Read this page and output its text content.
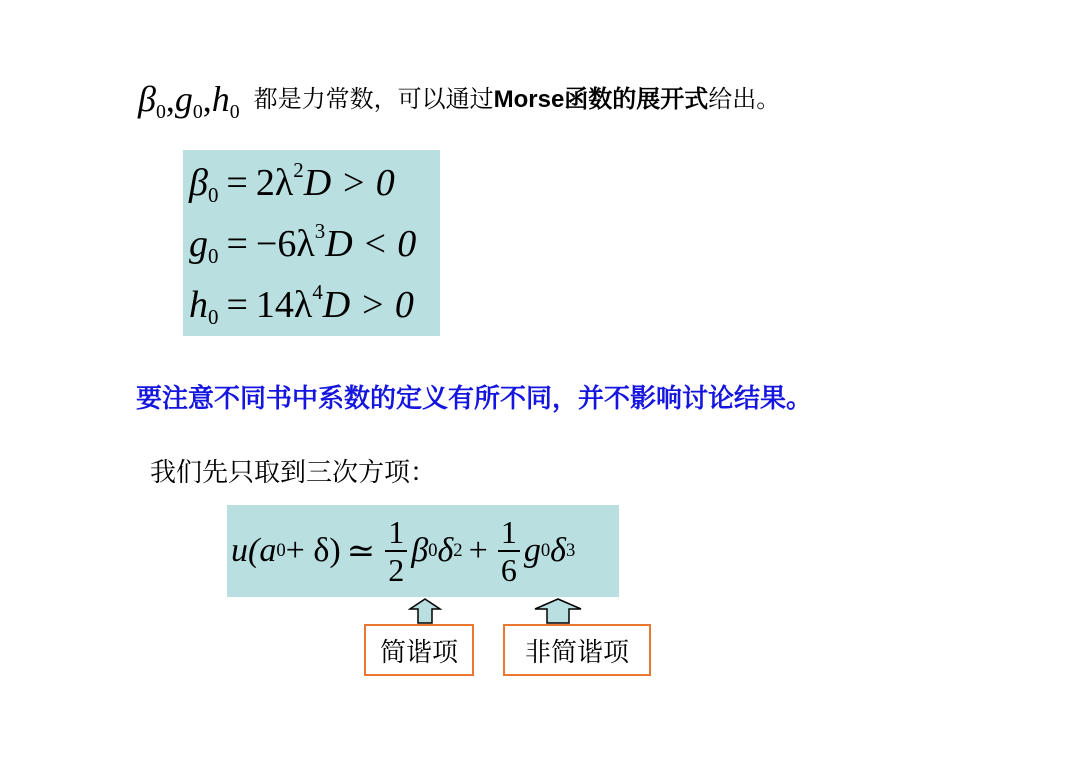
$\beta_0,g_0,h_0$ 都是力常数，可以通过Morse函数的展开式给出。
$\beta_0 = 2\lambda^2D > 0$
$g_0 = -6\lambda^3D < 0$
$h_0 = 14\lambda^4D > 0$
要注意不同书中系数的定义有所不同，并不影响讨论结果。
我们先只取到三次方项：
u(a 0 + δ) ≃ $\frac{1}{2}$ β 0 δ $2 + \frac{1}{6}$ g 0 δ 3
简谐项	非简谐项
